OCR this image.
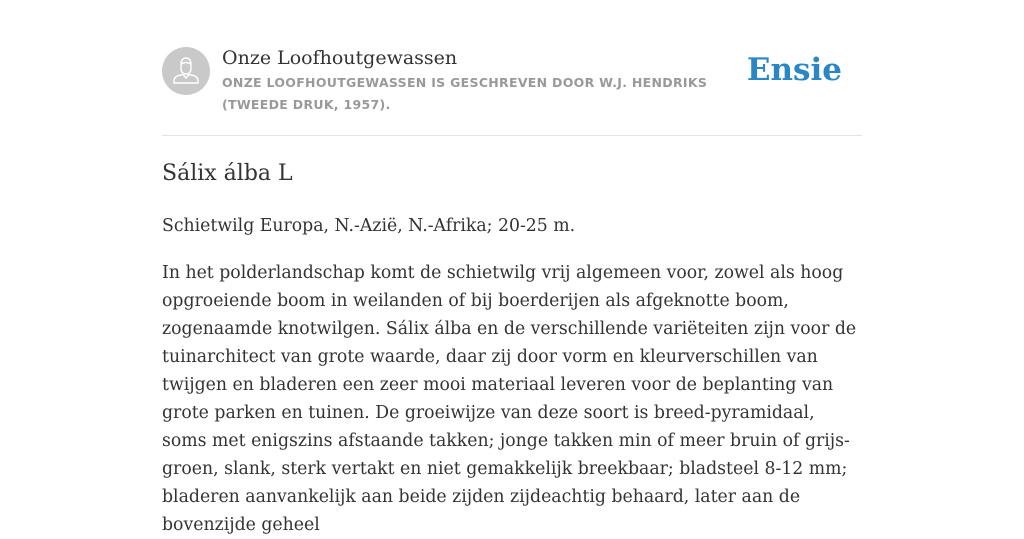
Onze Loofhoutgewassen
ONZE LOOFHOUTGEWASSEN IS GESCHREVEN DOOR W.J. HENDRIKS (TWEEDE DRUK, 1957).
Ensie
Sálix álba L

Schietwilg Europa, N.-Azië, N.-Afrika; 20-25 m.

In het polderlandschap komt de schietwilg vrij algemeen voor, zowel als hoog opgroeiende boom in weilanden of bij boerderijen als afgeknotte boom, zogenaamde knotwilgen. Sálix álba en de verschillende variëteiten zijn voor de tuinarchitect van grote waarde, daar zij door vorm en kleurverschillen van twijgen en bladeren een zeer mooi materiaal leveren voor de beplanting van grote parken en tuinen. De groeiwijze van deze soort is breed-pyramidaal, soms met enigszins afstaande takken; jonge takken min of meer bruin of grijs-groen, slank, sterk vertakt en niet gemakkelijk breekbaar; bladsteel 8-12 mm; bladeren aanvankelijk aan beide zijden zijdeachtig behaard, later aan de bovenzijde geheel
